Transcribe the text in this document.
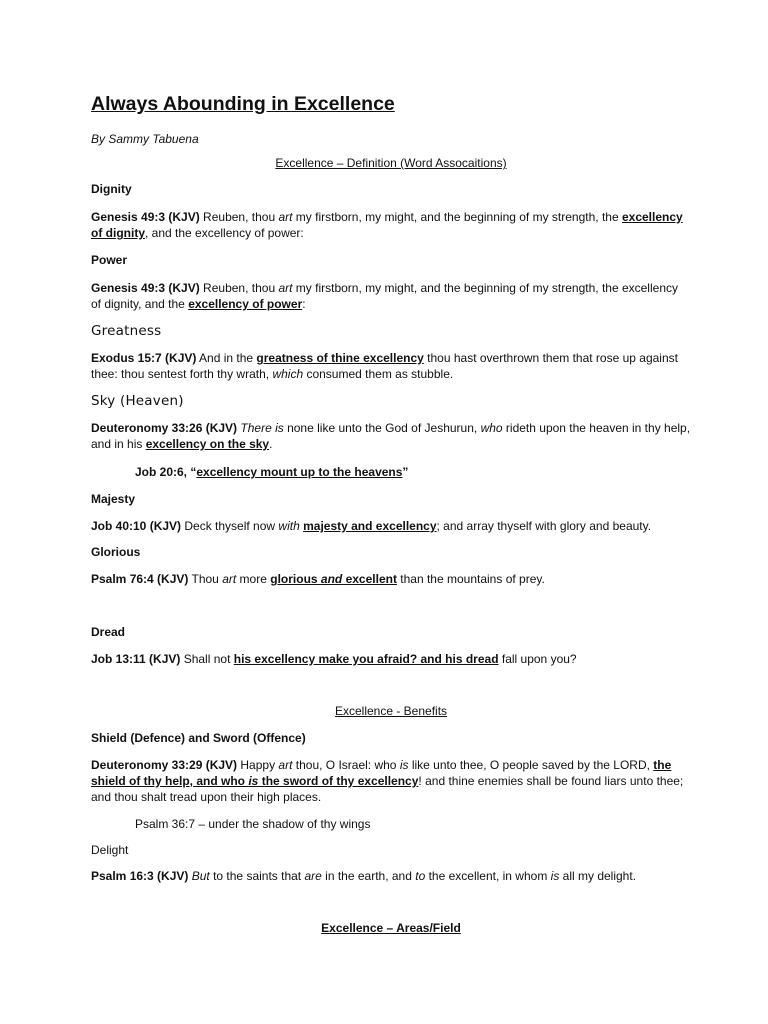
Always Abounding in Excellence
By Sammy Tabuena
Excellence – Definition (Word Assocaitions)
Dignity
Genesis 49:3 (KJV) Reuben, thou art my firstborn, my might, and the beginning of my strength, the excellency of dignity, and the excellency of power:
Power
Genesis 49:3 (KJV) Reuben, thou art my firstborn, my might, and the beginning of my strength, the excellency of dignity, and the excellency of power:
Greatness
Exodus 15:7 (KJV) And in the greatness of thine excellency thou hast overthrown them that rose up against thee: thou sentest forth thy wrath, which consumed them as stubble.
Sky (Heaven)
Deuteronomy 33:26 (KJV) There is none like unto the God of Jeshurun, who rideth upon the heaven in thy help, and in his excellency on the sky.
Job 20:6, “excellency mount up to the heavens”
Majesty
Job 40:10 (KJV) Deck thyself now with majesty and excellency; and array thyself with glory and beauty.
Glorious
Psalm 76:4 (KJV) Thou art more glorious and excellent than the mountains of prey.
Dread
Job 13:11 (KJV) Shall not his excellency make you afraid? and his dread fall upon you?
Excellence - Benefits
Shield (Defence) and Sword (Offence)
Deuteronomy 33:29 (KJV) Happy art thou, O Israel: who is like unto thee, O people saved by the LORD, the shield of thy help, and who is the sword of thy excellency! and thine enemies shall be found liars unto thee; and thou shalt tread upon their high places.
Psalm 36:7 – under the shadow of thy wings
Delight
Psalm 16:3 (KJV) But to the saints that are in the earth, and to the excellent, in whom is all my delight.
Excellence – Areas/Field
